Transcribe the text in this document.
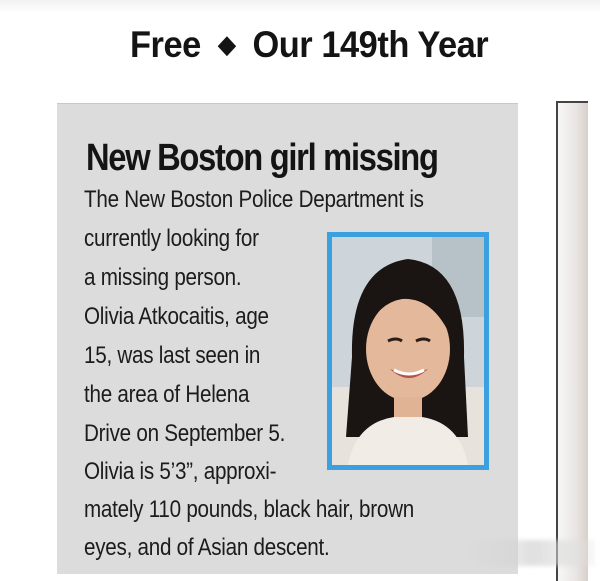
Free ◆ Our 149th Year
New Boston girl missing
The New Boston Police Department is
currently looking for
a missing person.
Olivia Atkocaitis, age
15, was last seen in
the area of Helena
Drive on September 5.
Olivia is 5’3”, approxi-
mately 110 pounds, black hair, brown
eyes, and of Asian descent.
